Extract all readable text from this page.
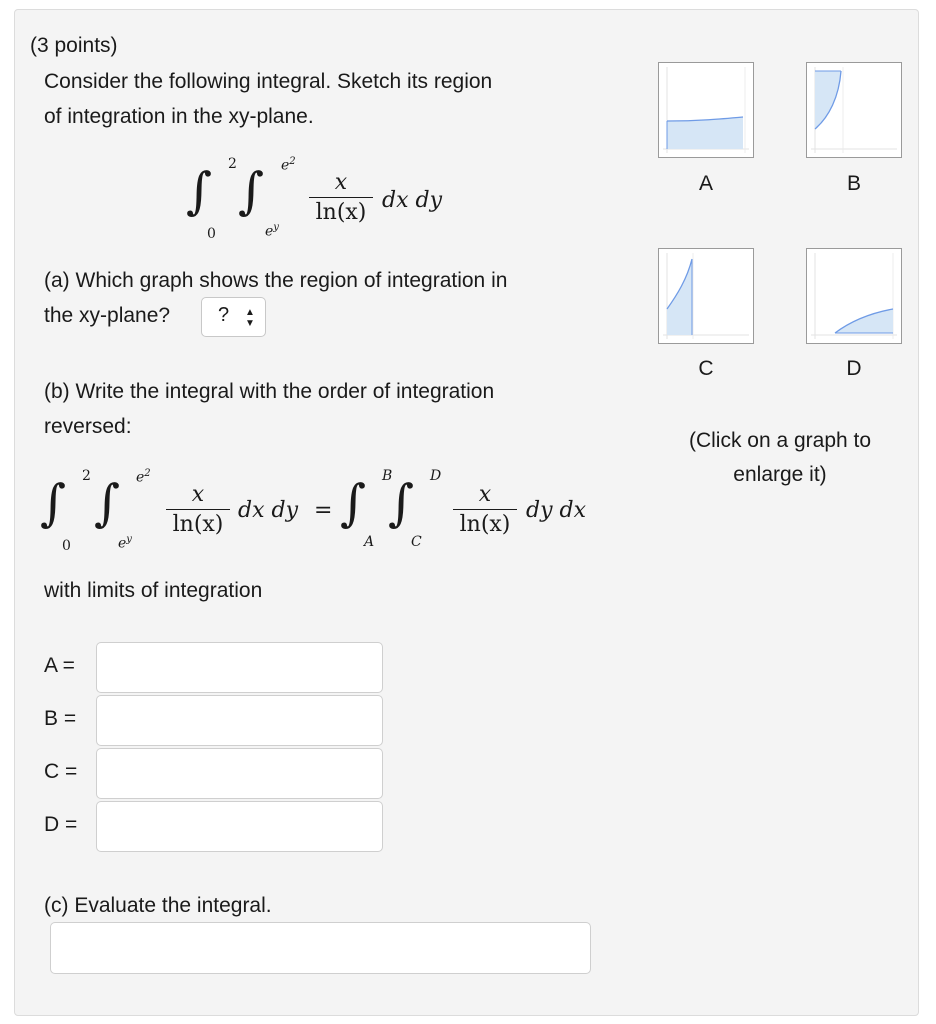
(3 points)
Consider the following integral. Sketch its region
of integration in the xy-plane.
∫ 2
0
∫ $e^2$
$e^y$
x
ln(x) dx dy
(a) Which graph shows the region of integration in
the xy-plane? ? ▲
▼
(b) Write the integral with the order of integration
reversed:
∫ 2
0
∫ $e^2$
$e^y$
x
ln(x)
dx dy = ∫ B
A
∫ D
C
x
ln(x)
dy dx
with limits of integration
A =
B =
C =
D =
(c) Evaluate the integral.
A	B
C	D
(Click on a graph to
enlarge it)
